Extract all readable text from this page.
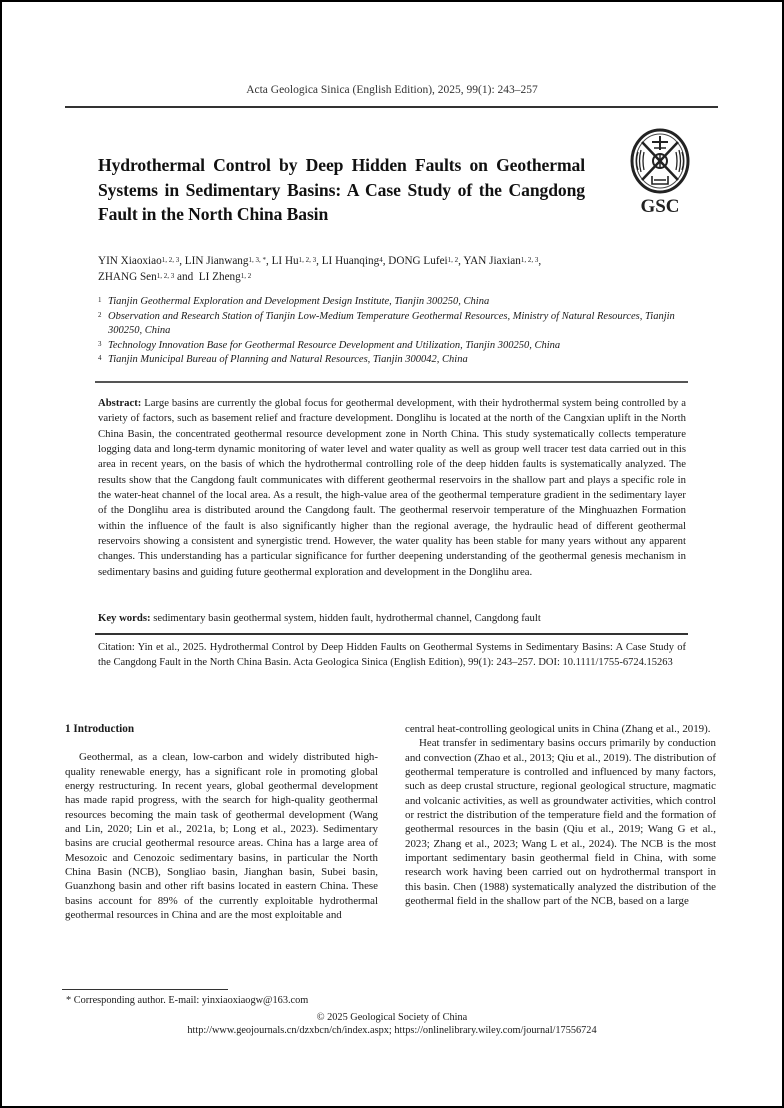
Acta Geologica Sinica (English Edition), 2025, 99(1): 243–257
Hydrothermal Control by Deep Hidden Faults on Geothermal Systems in Sedimentary Basins: A Case Study of the Cangdong Fault in the North China Basin	GSC
YIN Xiaoxiao$^{1, 2, 3}$, LIN Jianwang$^{1, 3, *}$, LI Hu$^{1, 2, 3}$, LI Huanqing$^4$, DONG Lufei$^{1, 2}$, YAN Jiaxian$^{1, 2, 3}$,
ZHANG Sen$^{1, 2, 3}$ and  LI Zheng$^{1, 2}$
1 Tianjin Geothermal Exploration and Development Design Institute, Tianjin 300250, China
2 Observation and Research Station of Tianjin Low-Medium Temperature Geothermal Resources, Ministry of Natural Resources, Tianjin 300250, China
3 Technology Innovation Base for Geothermal Resource Development and Utilization, Tianjin 300250, China
4 Tianjin Municipal Bureau of Planning and Natural Resources, Tianjin 300042, China
Abstract: Large basins are currently the global focus for geothermal development, with their hydrothermal system being controlled by a variety of factors, such as basement relief and fracture development. Donglihu is located at the north of the Cangxian uplift in the North China Basin, the concentrated geothermal resource development zone in North China. This study systematically collects temperature logging data and long-term dynamic monitoring of water level and water quality as well as group well tracer test data carried out in this area in recent years, on the basis of which the hydrothermal controlling role of the deep hidden faults is systematically analyzed. The results show that the Cangdong fault communicates with different geothermal reservoirs in the shallow part and plays a specific role in the water-heat channel of the local area. As a result, the high-value area of the geothermal temperature gradient in the sedimentary layer of the Donglihu area is distributed around the Cangdong fault. The geothermal reservoir temperature of the Minghuazhen Formation within the influence of the fault is also significantly higher than the regional average, the hydraulic head of different geothermal reservoirs showing a consistent and synergistic trend. However, the water quality has been stable for many years without any apparent changes. This understanding has a particular significance for further deepening understanding of the geothermal genesis mechanism in sedimentary basins and guiding future geothermal exploration and development in the Donglihu area.
Key words: sedimentary basin geothermal system, hidden fault, hydrothermal channel, Cangdong fault
Citation: Yin et al., 2025. Hydrothermal Control by Deep Hidden Faults on Geothermal Systems in Sedimentary Basins: A Case Study of the Cangdong Fault in the North China Basin. Acta Geologica Sinica (English Edition), 99(1): 243–257. DOI: 10.1111/1755-6724.15263
1 Introduction

Geothermal, as a clean, low-carbon and widely distributed high-quality renewable energy, has a significant role in promoting global energy restructuring. In recent years, global geothermal development has made rapid progress, with the search for high-quality geothermal resources becoming the main task of geothermal development (Wang and Lin, 2020; Lin et al., 2021a, b; Long et al., 2023). Sedimentary basins are crucial geothermal resource areas. China has a large area of Mesozoic and Cenozoic sedimentary basins, in particular the North China Basin (NCB), Songliao basin, Jianghan basin, Subei basin, Guanzhong basin and other rift basins located in eastern China. These basins account for 89% of the currently exploitable hydrothermal geothermal resources in China and are the most exploitable and

central heat-controlling geological units in China (Zhang et al., 2019).

Heat transfer in sedimentary basins occurs primarily by conduction and convection (Zhao et al., 2013; Qiu et al., 2019). The distribution of geothermal temperature is controlled and influenced by many factors, such as deep crustal structure, regional geological structure, magmatic and volcanic activities, as well as groundwater activities, which control or restrict the distribution of the temperature field and the formation of geothermal resources in the basin (Qiu et al., 2019; Wang G et al., 2023; Zhang et al., 2023; Wang L et al., 2024). The NCB is the most important sedimentary basin geothermal field in China, with some research work having been carried out on hydrothermal transport in this basin. Chen (1988) systematically analyzed the distribution of the geothermal field in the shallow part of the NCB, based on a large

* Corresponding author. E-mail: yinxiaoxiaogw@163.com
© 2025 Geological Society of China
http://www.geojournals.cn/dzxbcn/ch/index.aspx; https://onlinelibrary.wiley.com/journal/17556724
